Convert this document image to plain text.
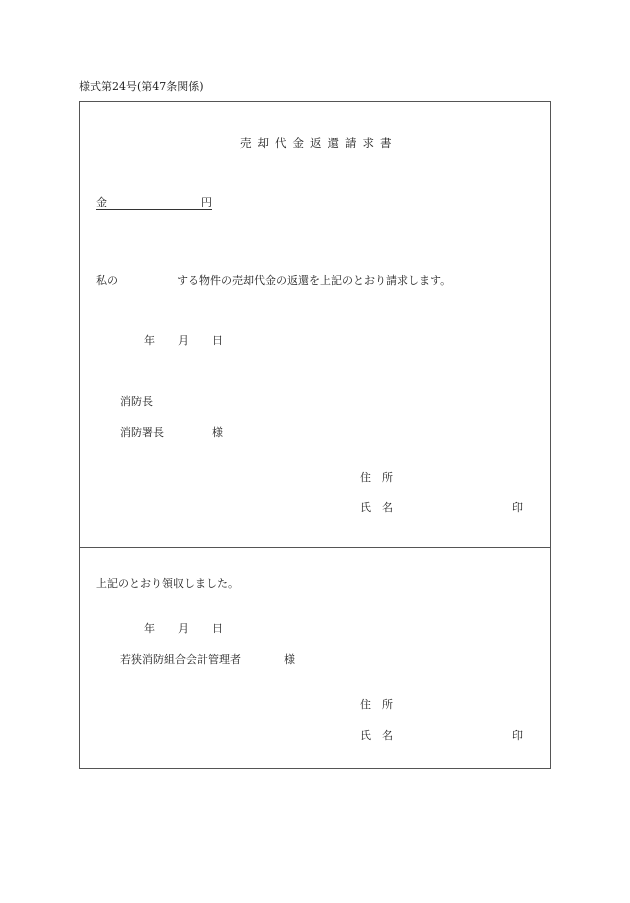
様式第24号(第47条関係)
売却代金返還請求書
金	円
私の	する物件の売却代金の返還を上記のとおり請求します。
年 月 日
消防長
消防署長	様
住　所
氏　名	印
上記のとおり領収しました。
年 月 日
若狭消防組合会計管理者	様
住　所
氏　名	印
